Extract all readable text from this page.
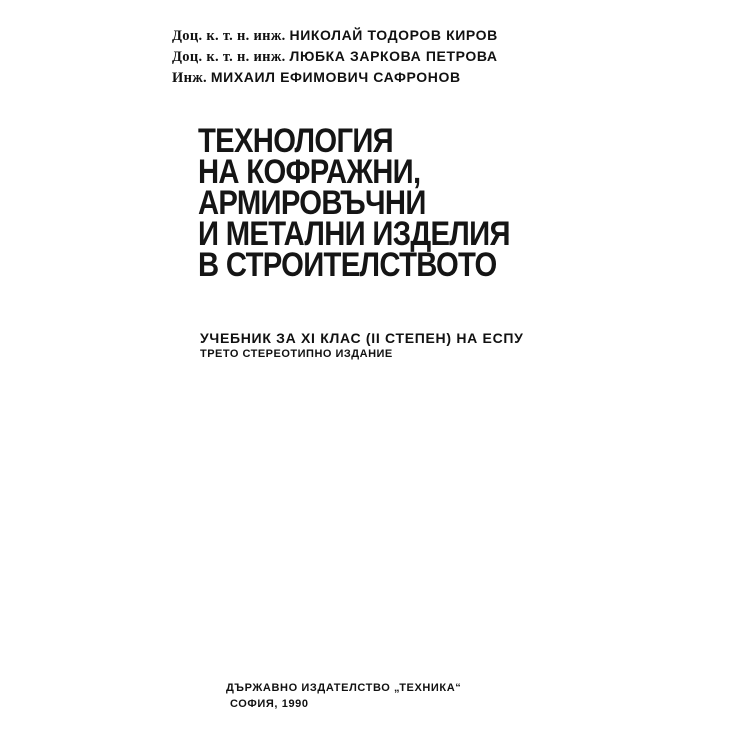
Доц. к. т. н. инж. НИКОЛАЙ ТОДОРОВ КИРОВ
Доц. к. т. н. инж. ЛЮБКА ЗАРКОВА ПЕТРОВА
Инж. МИХАИЛ ЕФИМОВИЧ САФРОНОВ
ТЕХНОЛОГИЯ
НА КОФРАЖНИ,
АРМИРОВЪЧНИ
И МЕТАЛНИ ИЗДЕЛИЯ
В СТРОИТЕЛСТВОТО
УЧЕБНИК ЗА XI КЛАС (II СТЕПЕН) НА ЕСПУ
ТРЕТО СТЕРЕОТИПНО ИЗДАНИЕ
ДЪРЖАВНО ИЗДАТЕЛСТВО „ТЕХНИКА“
СОФИЯ, 1990
